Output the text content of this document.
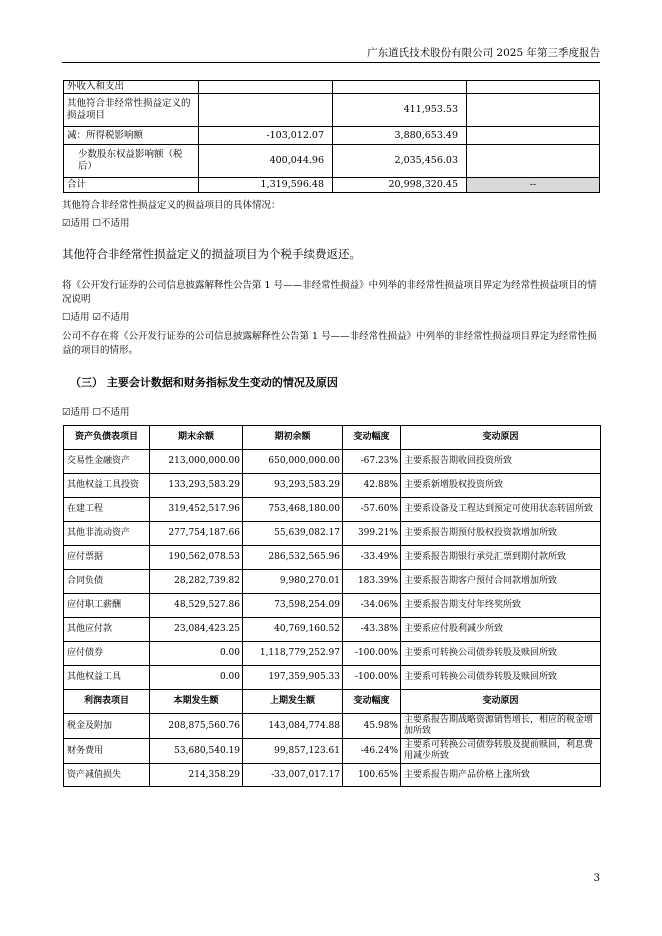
广东道氏技术股份有限公司 2025 年第三季度报告
外收入和支出			
其他符合非经常性损益定义的损益项目		411,953.53	
减：所得税影响额	-103,012.07	3,880,653.49	
少数股东权益影响额（税后）	400,044.96	2,035,456.03	
合计	1,319,596.48	20,998,320.45	--
其他符合非经常性损益定义的损益项目的具体情况：
☑适用 ☐不适用
其他符合非经常性损益定义的损益项目为个税手续费返还。
将《公开发行证券的公司信息披露解释性公告第 1 号——非经常性损益》中列举的非经常性损益项目界定为经常性损益项目的情况说明
☐适用 ☑不适用
公司不存在将《公开发行证券的公司信息披露解释性公告第 1 号——非经常性损益》中列举的非经常性损益项目界定为经常性损益的项目的情形。
（三） 主要会计数据和财务指标发生变动的情况及原因
☑适用 ☐不适用
资产负债表项目	期末余额	期初余额	变动幅度	变动原因
交易性金融资产	213,000,000.00	650,000,000.00	-67.23%	主要系报告期收回投资所致
其他权益工具投资	133,293,583.29	93,293,583.29	42.88%	主要系新增股权投资所致
在建工程	319,452,517.96	753,468,180.00	-57.60%	主要系设备及工程达到预定可使用状态转固所致
其他非流动资产	277,754,187.66	55,639,082.17	399.21%	主要系报告期预付股权投资款增加所致
应付票据	190,562,078.53	286,532,565.96	-33.49%	主要系报告期银行承兑汇票到期付款所致
合同负债	28,282,739.82	9,980,270.01	183.39%	主要系报告期客户预付合同款增加所致
应付职工薪酬	48,529,527.86	73,598,254.09	-34.06%	主要系报告期支付年终奖所致
其他应付款	23,084,423.25	40,769,160.52	-43.38%	主要系应付股利减少所致
应付债券	0.00	1,118,779,252.97	-100.00%	主要系可转换公司债券转股及赎回所致
其他权益工具	0.00	197,359,905.33	-100.00%	主要系可转换公司债券转股及赎回所致
利润表项目	本期发生额	上期发生额	变动幅度	变动原因
税金及附加	208,875,560.76	143,084,774.88	45.98%	主要系报告期战略资源销售增长，相应的税金增加所致
财务费用	53,680,540.19	99,857,123.61	-46.24%	主要系可转换公司债券转股及提前赎回，利息费用减少所致
资产减值损失	214,358.29	-33,007,017.17	100.65%	主要系报告期产品价格上涨所致
3
